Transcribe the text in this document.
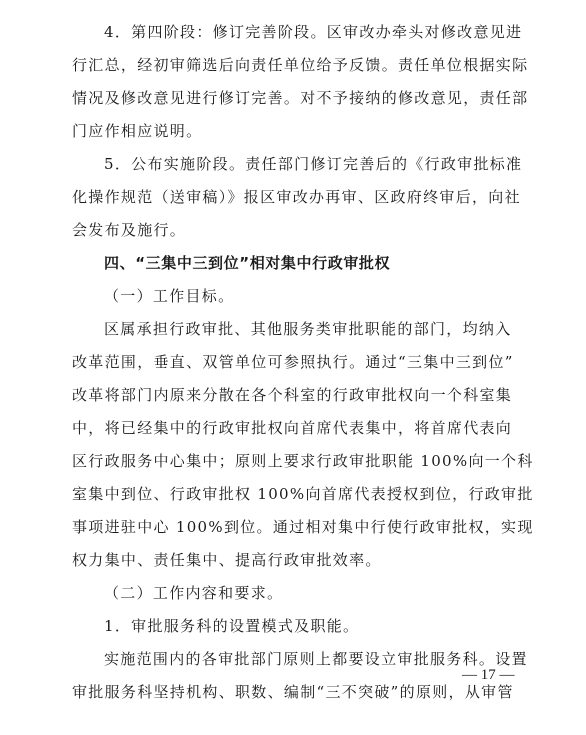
4．第四阶段：修订完善阶段。区审改办牵头对修改意见进
行汇总，经初审筛选后向责任单位给予反馈。责任单位根据实际
情况及修改意见进行修订完善。对不予接纳的修改意见，责任部
门应作相应说明。
5．公布实施阶段。责任部门修订完善后的《行政审批标准
化操作规范（送审稿）》报区审改办再审、区政府终审后，向社
会发布及施行。
四、“三集中三到位”相对集中行政审批权
（一）工作目标。
区属承担行政审批、其他服务类审批职能的部门，均纳入
改革范围，垂直、双管单位可参照执行。通过“三集中三到位”
改革将部门内原来分散在各个科室的行政审批权向一个科室集
中，将已经集中的行政审批权向首席代表集中，将首席代表向
区行政服务中心集中；原则上要求行政审批职能 100%向一个科
室集中到位、行政审批权 100%向首席代表授权到位，行政审批
事项进驻中心 100%到位。通过相对集中行使行政审批权，实现
权力集中、责任集中、提高行政审批效率。
（二）工作内容和要求。
1．审批服务科的设置模式及职能。
实施范围内的各审批部门原则上都要设立审批服务科。设置
审批服务科坚持机构、职数、编制“三不突破”的原则，从审管
— 17 —
